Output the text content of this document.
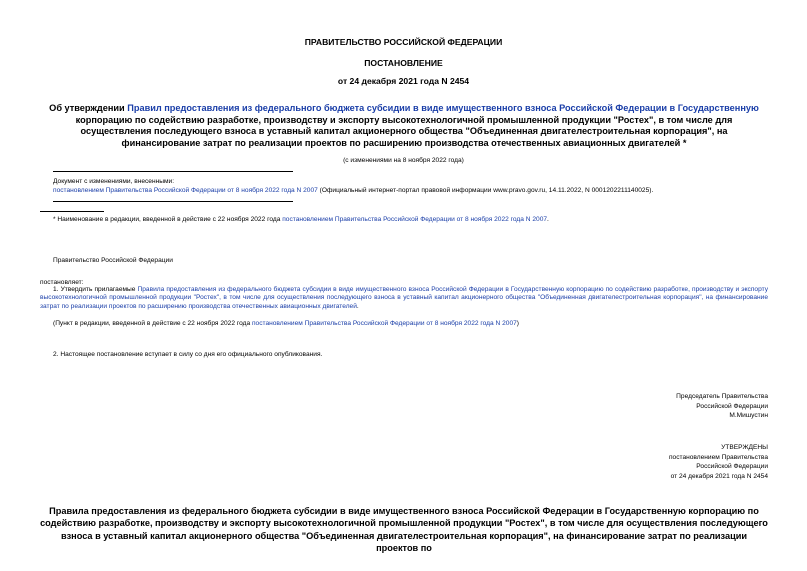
ПРАВИТЕЛЬСТВО РОССИЙСКОЙ ФЕДЕРАЦИИ
ПОСТАНОВЛЕНИЕ
от 24 декабря 2021 года N 2454
Об утверждении Правил предоставления из федерального бюджета субсидии в виде имущественного взноса Российской Федерации в Государственную корпорацию по содействию разработке, производству и экспорту высокотехнологичной промышленной продукции "Ростех", в том числе для осуществления последующего взноса в уставный капитал акционерного общества "Объединенная двигателестроительная корпорация", на финансирование затрат по реализации проектов по расширению производства отечественных авиационных двигателей *
(с изменениями на 8 ноября 2022 года)
Документ с изменениями, внесенными:
постановлением Правительства Российской Федерации от 8 ноября 2022 года N 2007 (Официальный интернет-портал правовой информации www.pravo.gov.ru, 14.11.2022, N 0001202211140025).
* Наименование в редакции, введенной в действие с 22 ноября 2022 года постановлением Правительства Российской Федерации от 8 ноября 2022 года N 2007.
Правительство Российской Федерации
постановляет:
1. Утвердить прилагаемые Правила предоставления из федерального бюджета субсидии в виде имущественного взноса Российской Федерации в Государственную корпорацию по содействию разработке, производству и экспорту высокотехнологичной промышленной продукции "Ростех", в том числе для осуществления последующего взноса в уставный капитал акционерного общества "Объединенная двигателестроительная корпорация", на финансирование затрат по реализации проектов по расширению производства отечественных авиационных двигателей.
(Пункт в редакции, введенной в действие с 22 ноября 2022 года постановлением Правительства Российской Федерации от 8 ноября 2022 года N 2007)
2. Настоящее постановление вступает в силу со дня его официального опубликования.
Председатель Правительства
Российской Федерации
М.Мишустин
УТВЕРЖДЕНЫ
постановлением Правительства
Российской Федерации
от 24 декабря 2021 года N 2454
Правила предоставления из федерального бюджета субсидии в виде имущественного взноса Российской Федерации в Государственную корпорацию по содействию разработке, производству и экспорту высокотехнологичной промышленной продукции "Ростех", в том числе для осуществления последующего взноса в уставный капитал акционерного общества "Объединенная двигателестроительная корпорация", на финансирование затрат по реализации проектов по
